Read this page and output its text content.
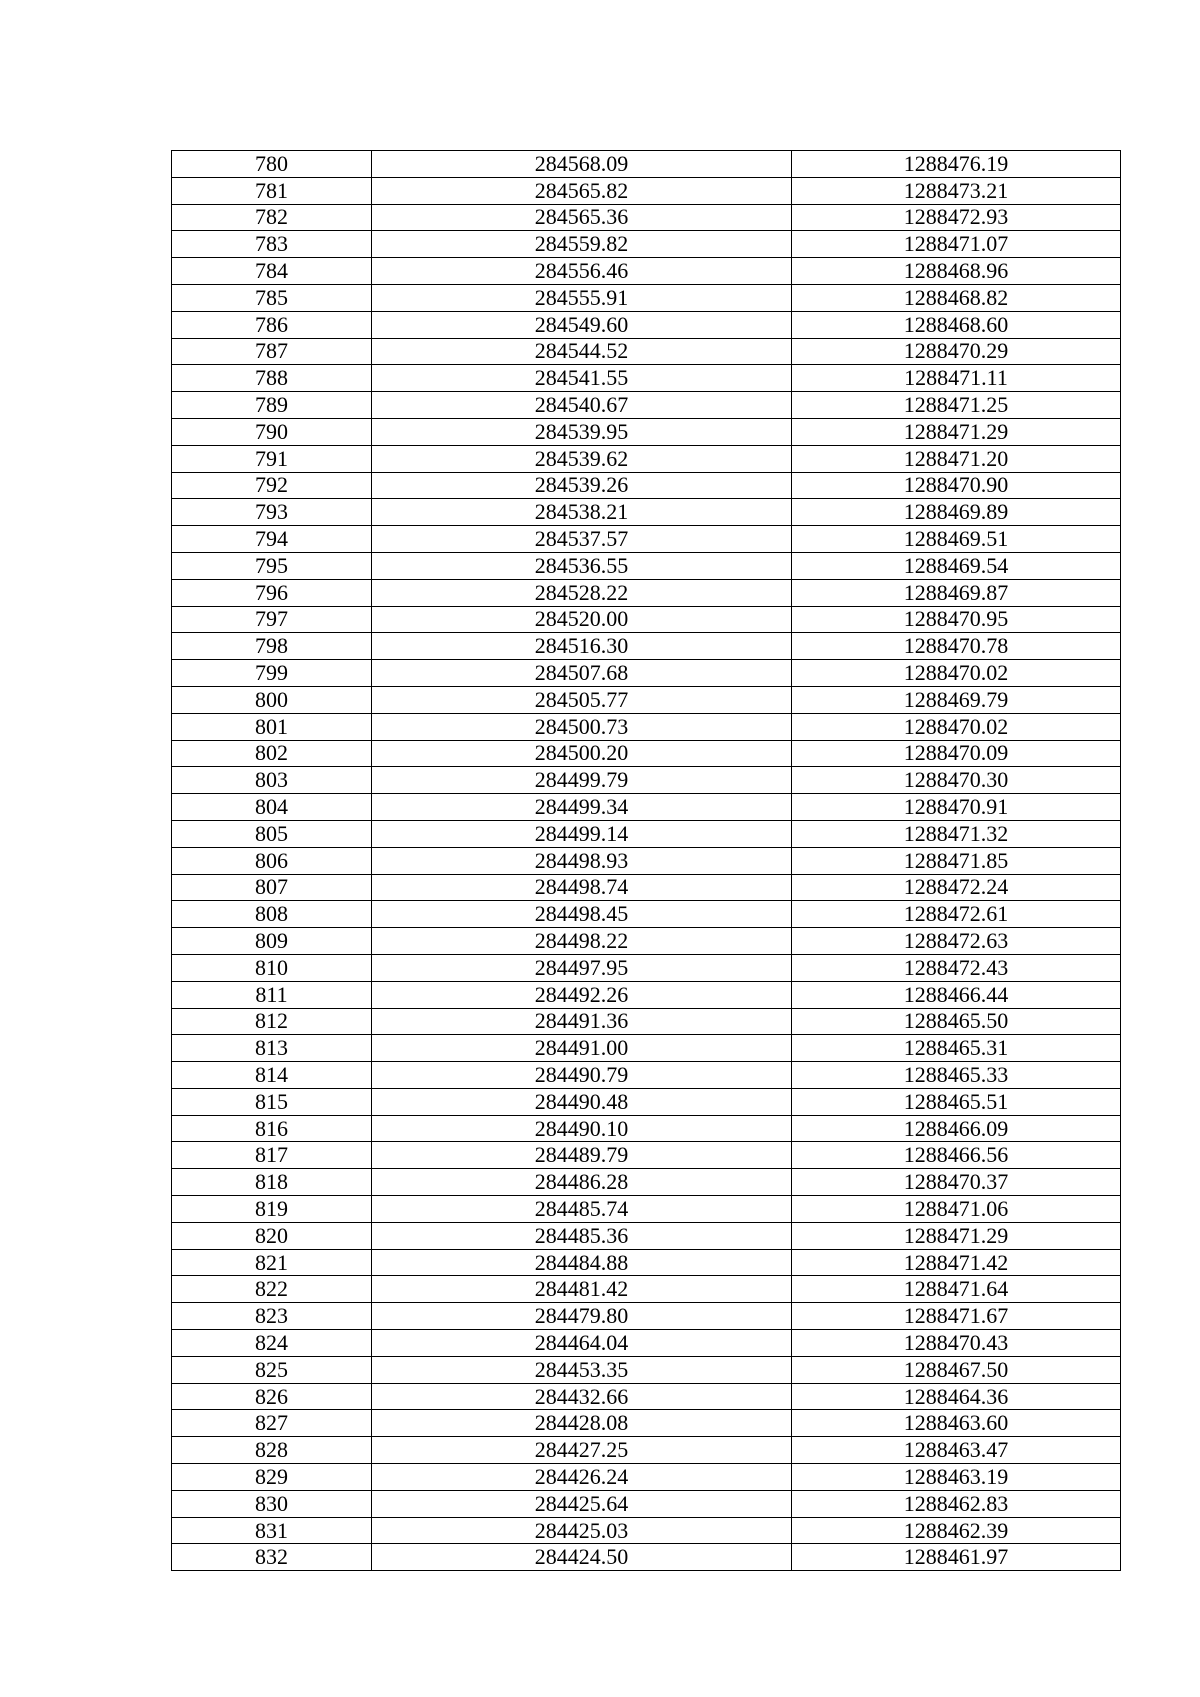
780	284568.09	1288476.19
781	284565.82	1288473.21
782	284565.36	1288472.93
783	284559.82	1288471.07
784	284556.46	1288468.96
785	284555.91	1288468.82
786	284549.60	1288468.60
787	284544.52	1288470.29
788	284541.55	1288471.11
789	284540.67	1288471.25
790	284539.95	1288471.29
791	284539.62	1288471.20
792	284539.26	1288470.90
793	284538.21	1288469.89
794	284537.57	1288469.51
795	284536.55	1288469.54
796	284528.22	1288469.87
797	284520.00	1288470.95
798	284516.30	1288470.78
799	284507.68	1288470.02
800	284505.77	1288469.79
801	284500.73	1288470.02
802	284500.20	1288470.09
803	284499.79	1288470.30
804	284499.34	1288470.91
805	284499.14	1288471.32
806	284498.93	1288471.85
807	284498.74	1288472.24
808	284498.45	1288472.61
809	284498.22	1288472.63
810	284497.95	1288472.43
811	284492.26	1288466.44
812	284491.36	1288465.50
813	284491.00	1288465.31
814	284490.79	1288465.33
815	284490.48	1288465.51
816	284490.10	1288466.09
817	284489.79	1288466.56
818	284486.28	1288470.37
819	284485.74	1288471.06
820	284485.36	1288471.29
821	284484.88	1288471.42
822	284481.42	1288471.64
823	284479.80	1288471.67
824	284464.04	1288470.43
825	284453.35	1288467.50
826	284432.66	1288464.36
827	284428.08	1288463.60
828	284427.25	1288463.47
829	284426.24	1288463.19
830	284425.64	1288462.83
831	284425.03	1288462.39
832	284424.50	1288461.97
